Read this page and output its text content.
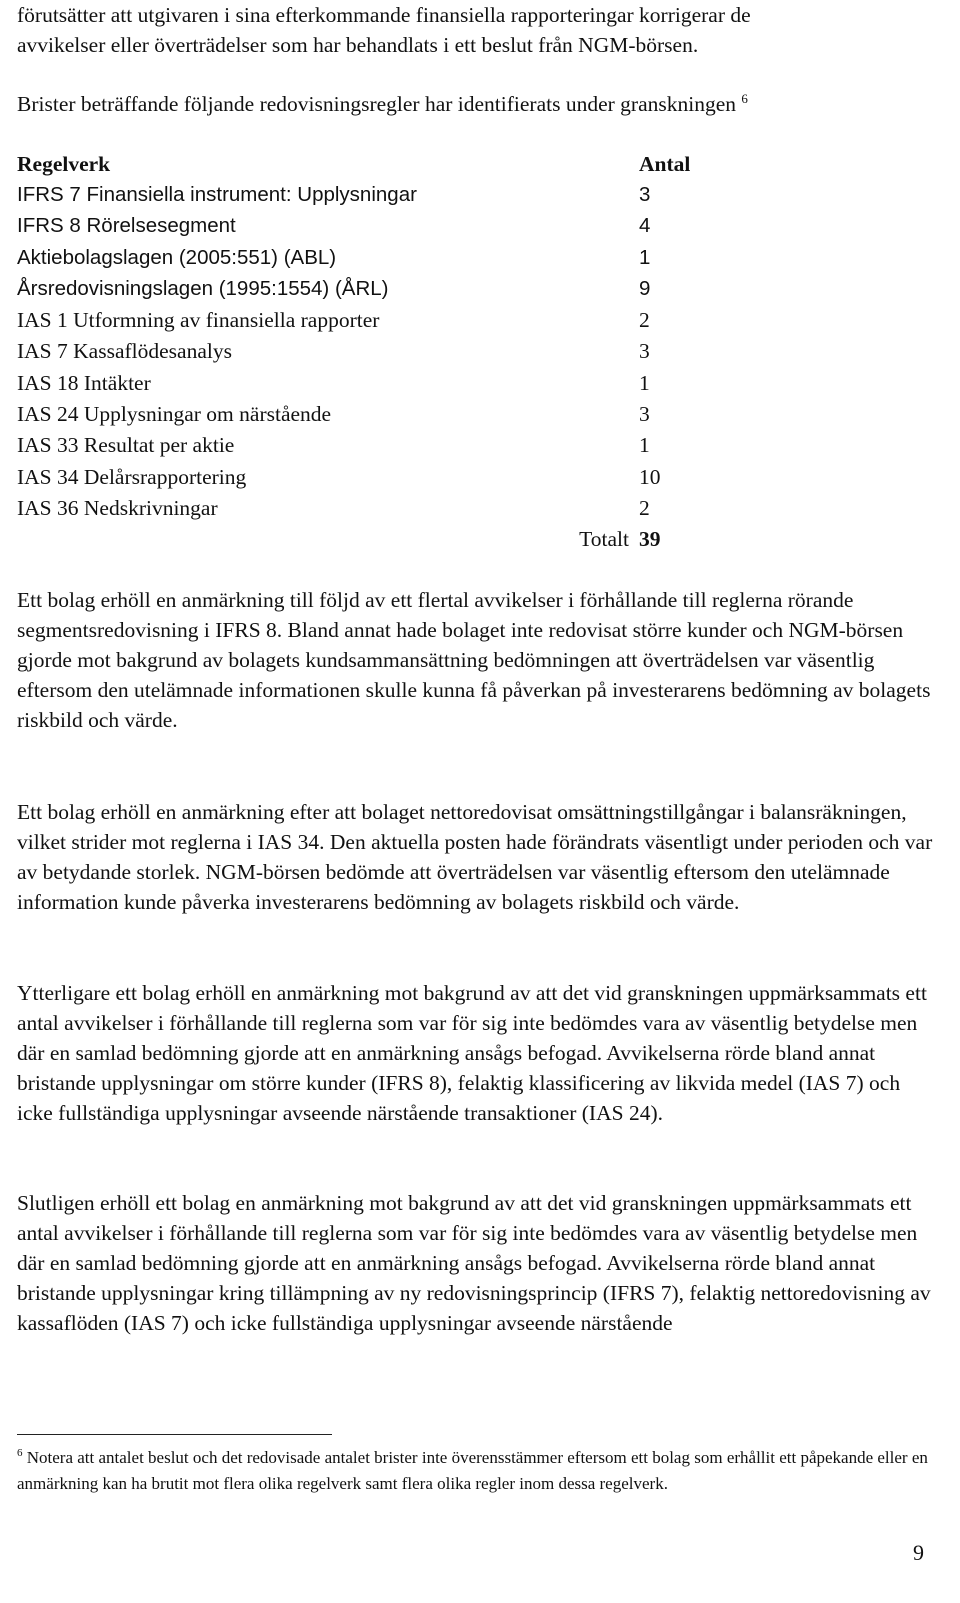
förutsätter att utgivaren i sina efterkommande finansiella rapporteringar korrigerar de
avvikelser eller överträdelser som har behandlats i ett beslut från NGM-börsen.

Brister beträffande följande redovisningsregler har identifierats under granskningen $^6$

Regelverk	Antal
IFRS 7 Finansiella instrument: Upplysningar	3
IFRS 8 Rörelsesegment	4
Aktiebolagslagen (2005:551) (ABL)	1
Årsredovisningslagen (1995:1554) (ÅRL)	9
IAS 1 Utformning av finansiella rapporter	2
IAS 7 Kassaflödesanalys	3
IAS 18 Intäkter	1
IAS 24 Upplysningar om närstående	3
IAS 33 Resultat per aktie	1
IAS 34 Delårsrapportering	10
IAS 36 Nedskrivningar	2
Totalt	39

Ett bolag erhöll en anmärkning till följd av ett flertal avvikelser i förhållande till reglerna rörande segmentsredovisning i IFRS 8. Bland annat hade bolaget inte redovisat större kunder och NGM-börsen gjorde mot bakgrund av bolagets kundsammansättning bedömningen att överträdelsen var väsentlig eftersom den utelämnade informationen skulle kunna få påverkan på investerarens bedömning av bolagets riskbild och värde.

Ett bolag erhöll en anmärkning efter att bolaget nettoredovisat omsättningstillgångar i balansräkningen, vilket strider mot reglerna i IAS 34. Den aktuella posten hade förändrats väsentligt under perioden och var av betydande storlek. NGM-börsen bedömde att överträdelsen var väsentlig eftersom den utelämnade information kunde påverka investerarens bedömning av bolagets riskbild och värde.

Ytterligare ett bolag erhöll en anmärkning mot bakgrund av att det vid granskningen uppmärksammats ett antal avvikelser i förhållande till reglerna som var för sig inte bedömdes vara av väsentlig betydelse men där en samlad bedömning gjorde att en anmärkning ansågs befogad. Avvikelserna rörde bland annat bristande upplysningar om större kunder (IFRS 8), felaktig klassificering av likvida medel (IAS 7) och icke fullständiga upplysningar avseende närstående transaktioner (IAS 24).

Slutligen erhöll ett bolag en anmärkning mot bakgrund av att det vid granskningen uppmärksammats ett antal avvikelser i förhållande till reglerna som var för sig inte bedömdes vara av väsentlig betydelse men där en samlad bedömning gjorde att en anmärkning ansågs befogad. Avvikelserna rörde bland annat bristande upplysningar kring tillämpning av ny redovisningsprincip (IFRS 7), felaktig nettoredovisning av kassaflöden (IAS 7) och icke fullständiga upplysningar avseende närstående

$^6$ Notera att antalet beslut och det redovisade antalet brister inte överensstämmer eftersom ett bolag som erhållit ett påpekande eller en anmärkning kan ha brutit mot flera olika regelverk samt flera olika regler inom dessa regelverk.

9
